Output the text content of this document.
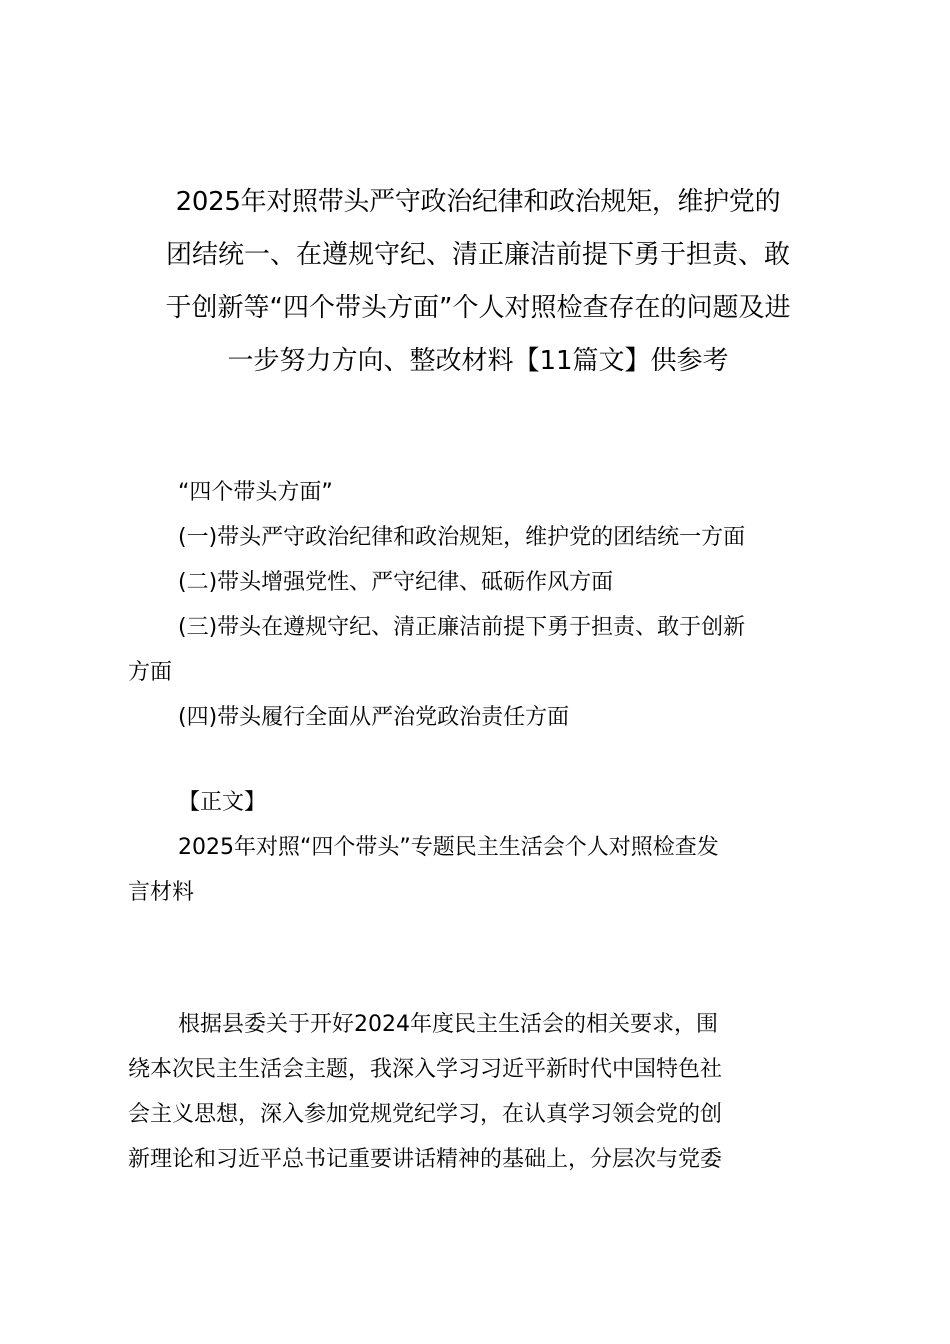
2025年对照带头严守政治纪律和政治规矩，维护党的
团结统一、在遵规守纪、清正廉洁前提下勇于担责、敢
于创新等“四个带头方面”个人对照检查存在的问题及进
一步努力方向、整改材料【11篇文】供参考
“四个带头方面”
(一)带头严守政治纪律和政治规矩，维护党的团结统一方面
(二)带头增强党性、严守纪律、砥砺作风方面
(三)带头在遵规守纪、清正廉洁前提下勇于担责、敢于创新
方面
(四)带头履行全面从严治党政治责任方面
【正文】
2025年对照“四个带头”专题民主生活会个人对照检查发
言材料
根据县委关于开好2024年度民主生活会的相关要求，围
绕本次民主生活会主题，我深入学习习近平新时代中国特色社
会主义思想，深入参加党规党纪学习，在认真学习领会党的创
新理论和习近平总书记重要讲话精神的基础上，分层次与党委
